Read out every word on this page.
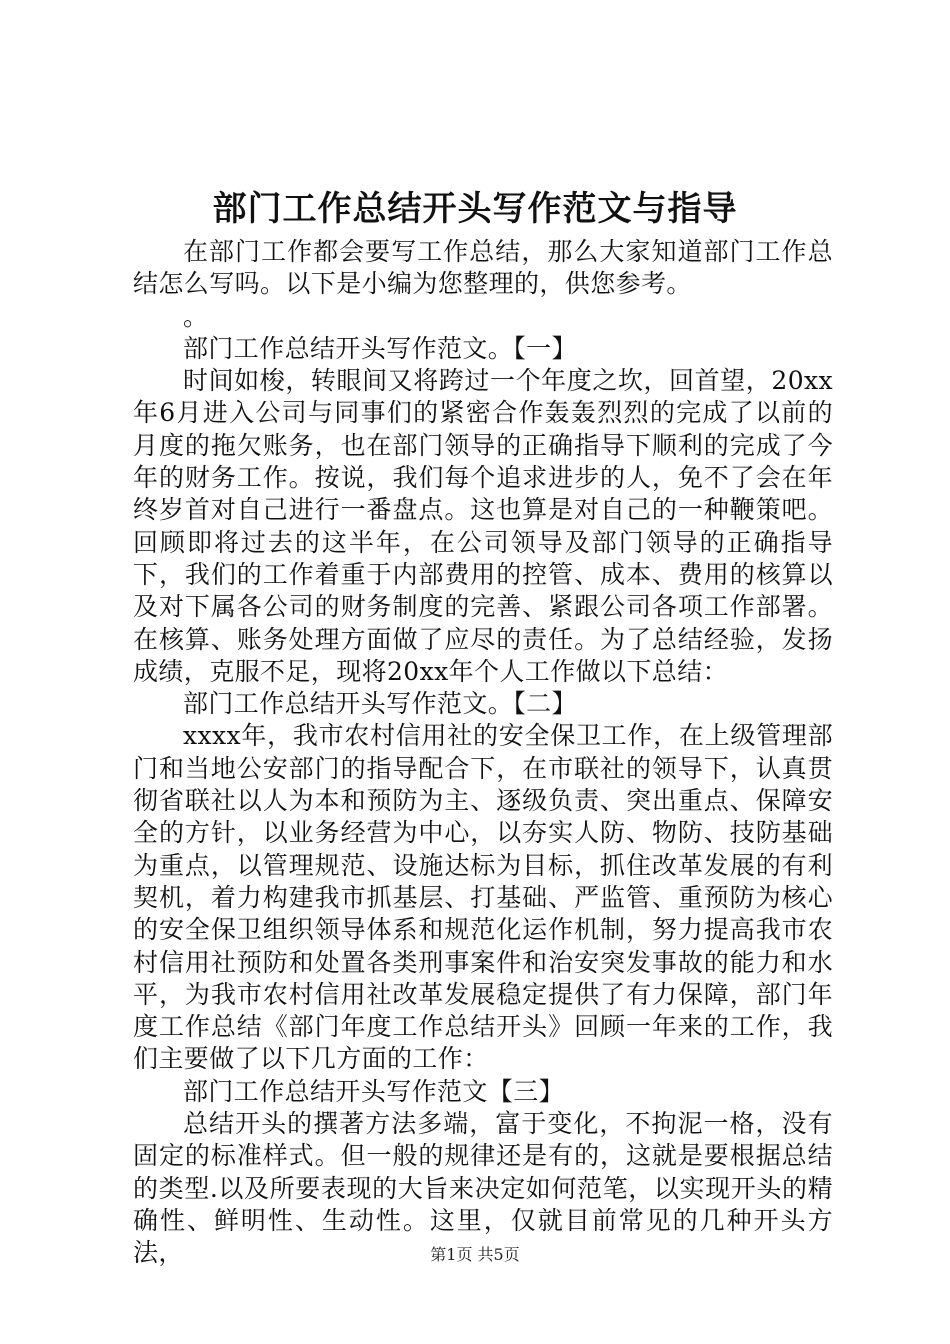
部门工作总结开头写作范文与指导

在部门工作都会要写工作总结，那么大家知道部门工作总结怎么写吗。以下是小编为您整理的，供您参考。

。

部门工作总结开头写作范文。【一】

时间如梭，转眼间又将跨过一个年度之坎，回首望，20xx年6月进入公司与同事们的紧密合作轰轰烈烈的完成了以前的月度的拖欠账务，也在部门领导的正确指导下顺利的完成了今年的财务工作。按说，我们每个追求进步的人，免不了会在年终岁首对自己进行一番盘点。这也算是对自己的一种鞭策吧。回顾即将过去的这半年，在公司领导及部门领导的正确指导下，我们的工作着重于内部费用的控管、成本、费用的核算以及对下属各公司的财务制度的完善、紧跟公司各项工作部署。在核算、账务处理方面做了应尽的责任。为了总结经验，发扬成绩，克服不足，现将20xx年个人工作做以下总结：

部门工作总结开头写作范文。【二】

xxxx年，我市农村信用社的安全保卫工作，在上级管理部门和当地公安部门的指导配合下，在市联社的领导下，认真贯彻省联社以人为本和预防为主、逐级负责、突出重点、保障安全的方针，以业务经营为中心，以夯实人防、物防、技防基础为重点，以管理规范、设施达标为目标，抓住改革发展的有利契机，着力构建我市抓基层、打基础、严监管、重预防为核心的安全保卫组织领导体系和规范化运作机制，努力提高我市农村信用社预防和处置各类刑事案件和治安突发事故的能力和水平，为我市农村信用社改革发展稳定提供了有力保障，部门年度工作总结《部门年度工作总结开头》回顾一年来的工作，我们主要做了以下几方面的工作：

部门工作总结开头写作范文【三】

总结开头的撰著方法多端，富于变化，不拘泥一格，没有固定的标准样式。但一般的规律还是有的，这就是要根据总结的类型.以及所要表现的大旨来决定如何范笔，以实现开头的精确性、鲜明性、生动性。这里，仅就目前常见的几种开头方法，	第1页 共5页
